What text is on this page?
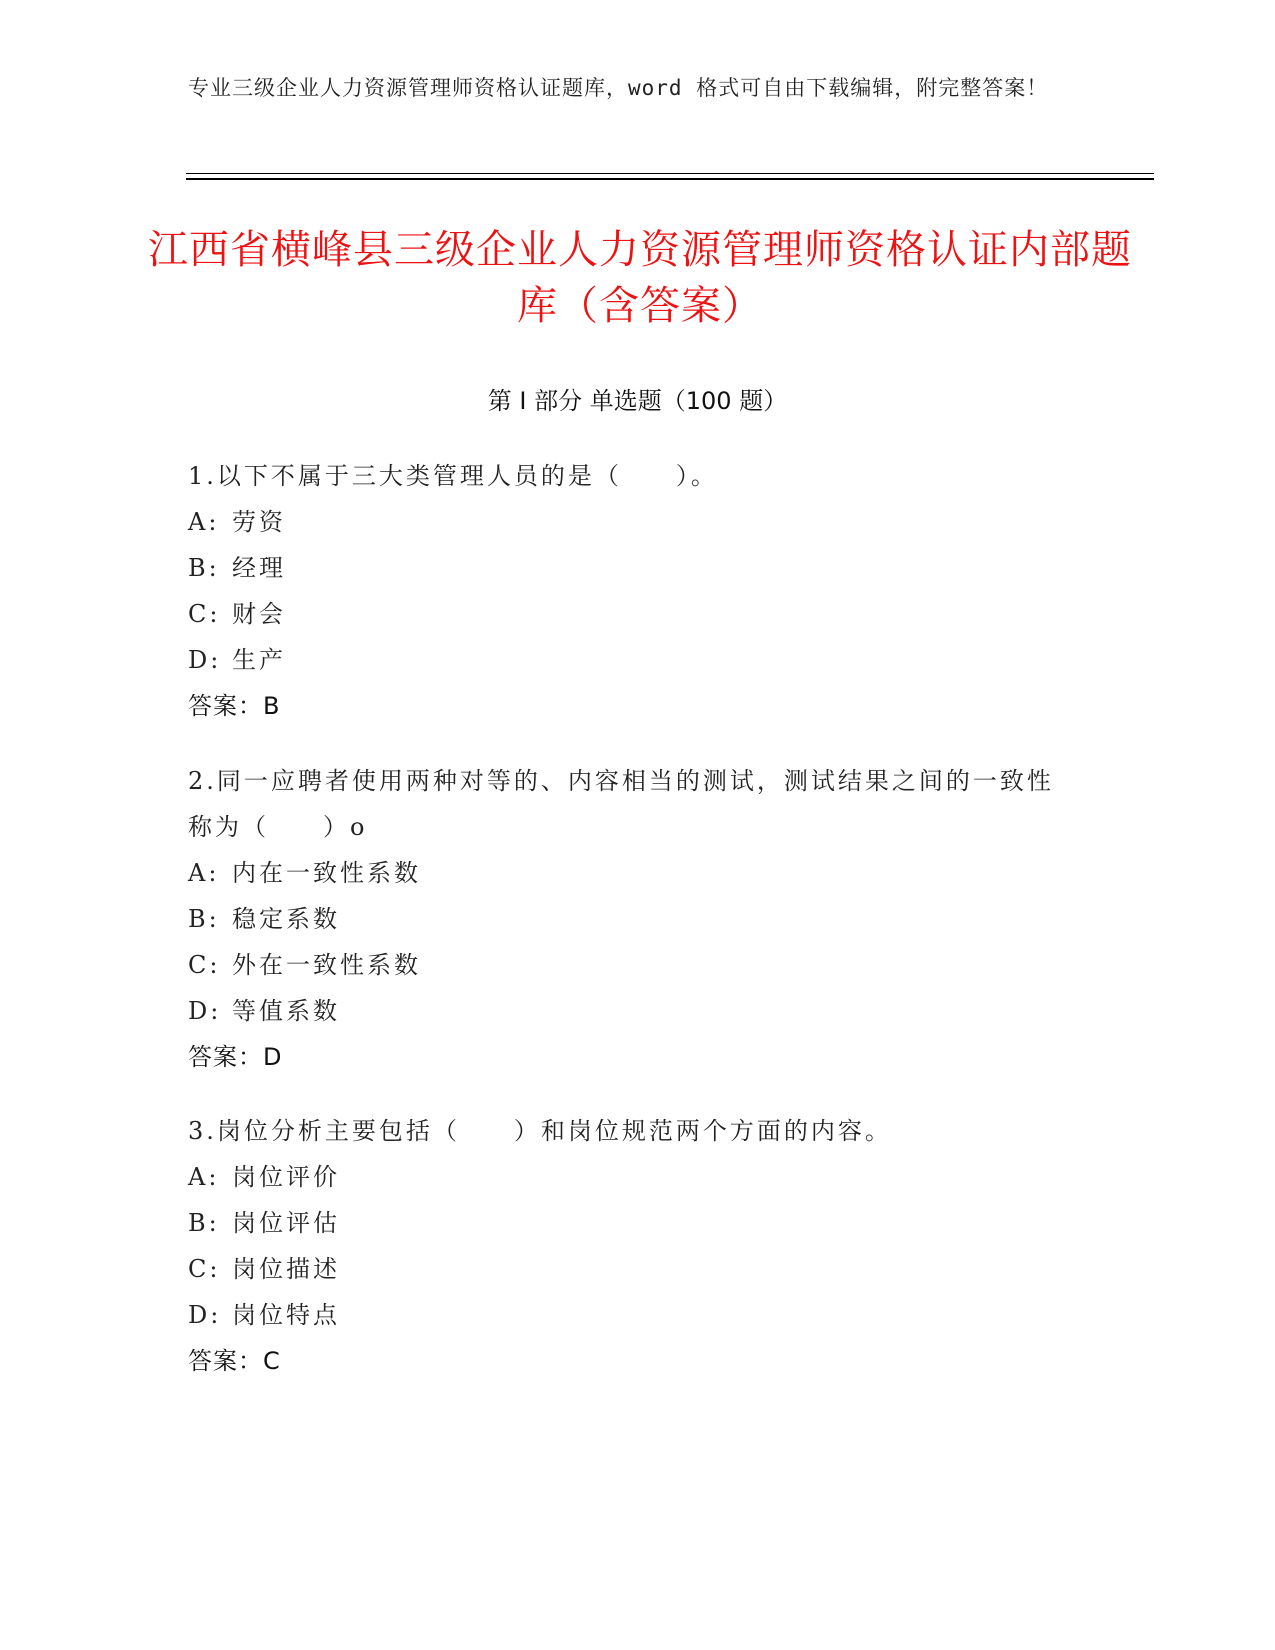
专业三级企业人力资源管理师资格认证题库，word 格式可自由下载编辑，附完整答案！
江西省横峰县三级企业人力资源管理师资格认证内部题库（含答案）
第 I 部分 单选题（100 题）

1.以下不属于三大类管理人员的是（　　）。

A: 劳资

B: 经理

C: 财会

D: 生产

答案：B

2.同一应聘者使用两种对等的、内容相当的测试，测试结果之间的一致性称为（　　）o

A: 内在一致性系数

B: 稳定系数

C: 外在一致性系数

D: 等值系数

答案：D

3.岗位分析主要包括（　　）和岗位规范两个方面的内容。

A: 岗位评价

B: 岗位评估

C: 岗位描述

D: 岗位特点

答案：C
